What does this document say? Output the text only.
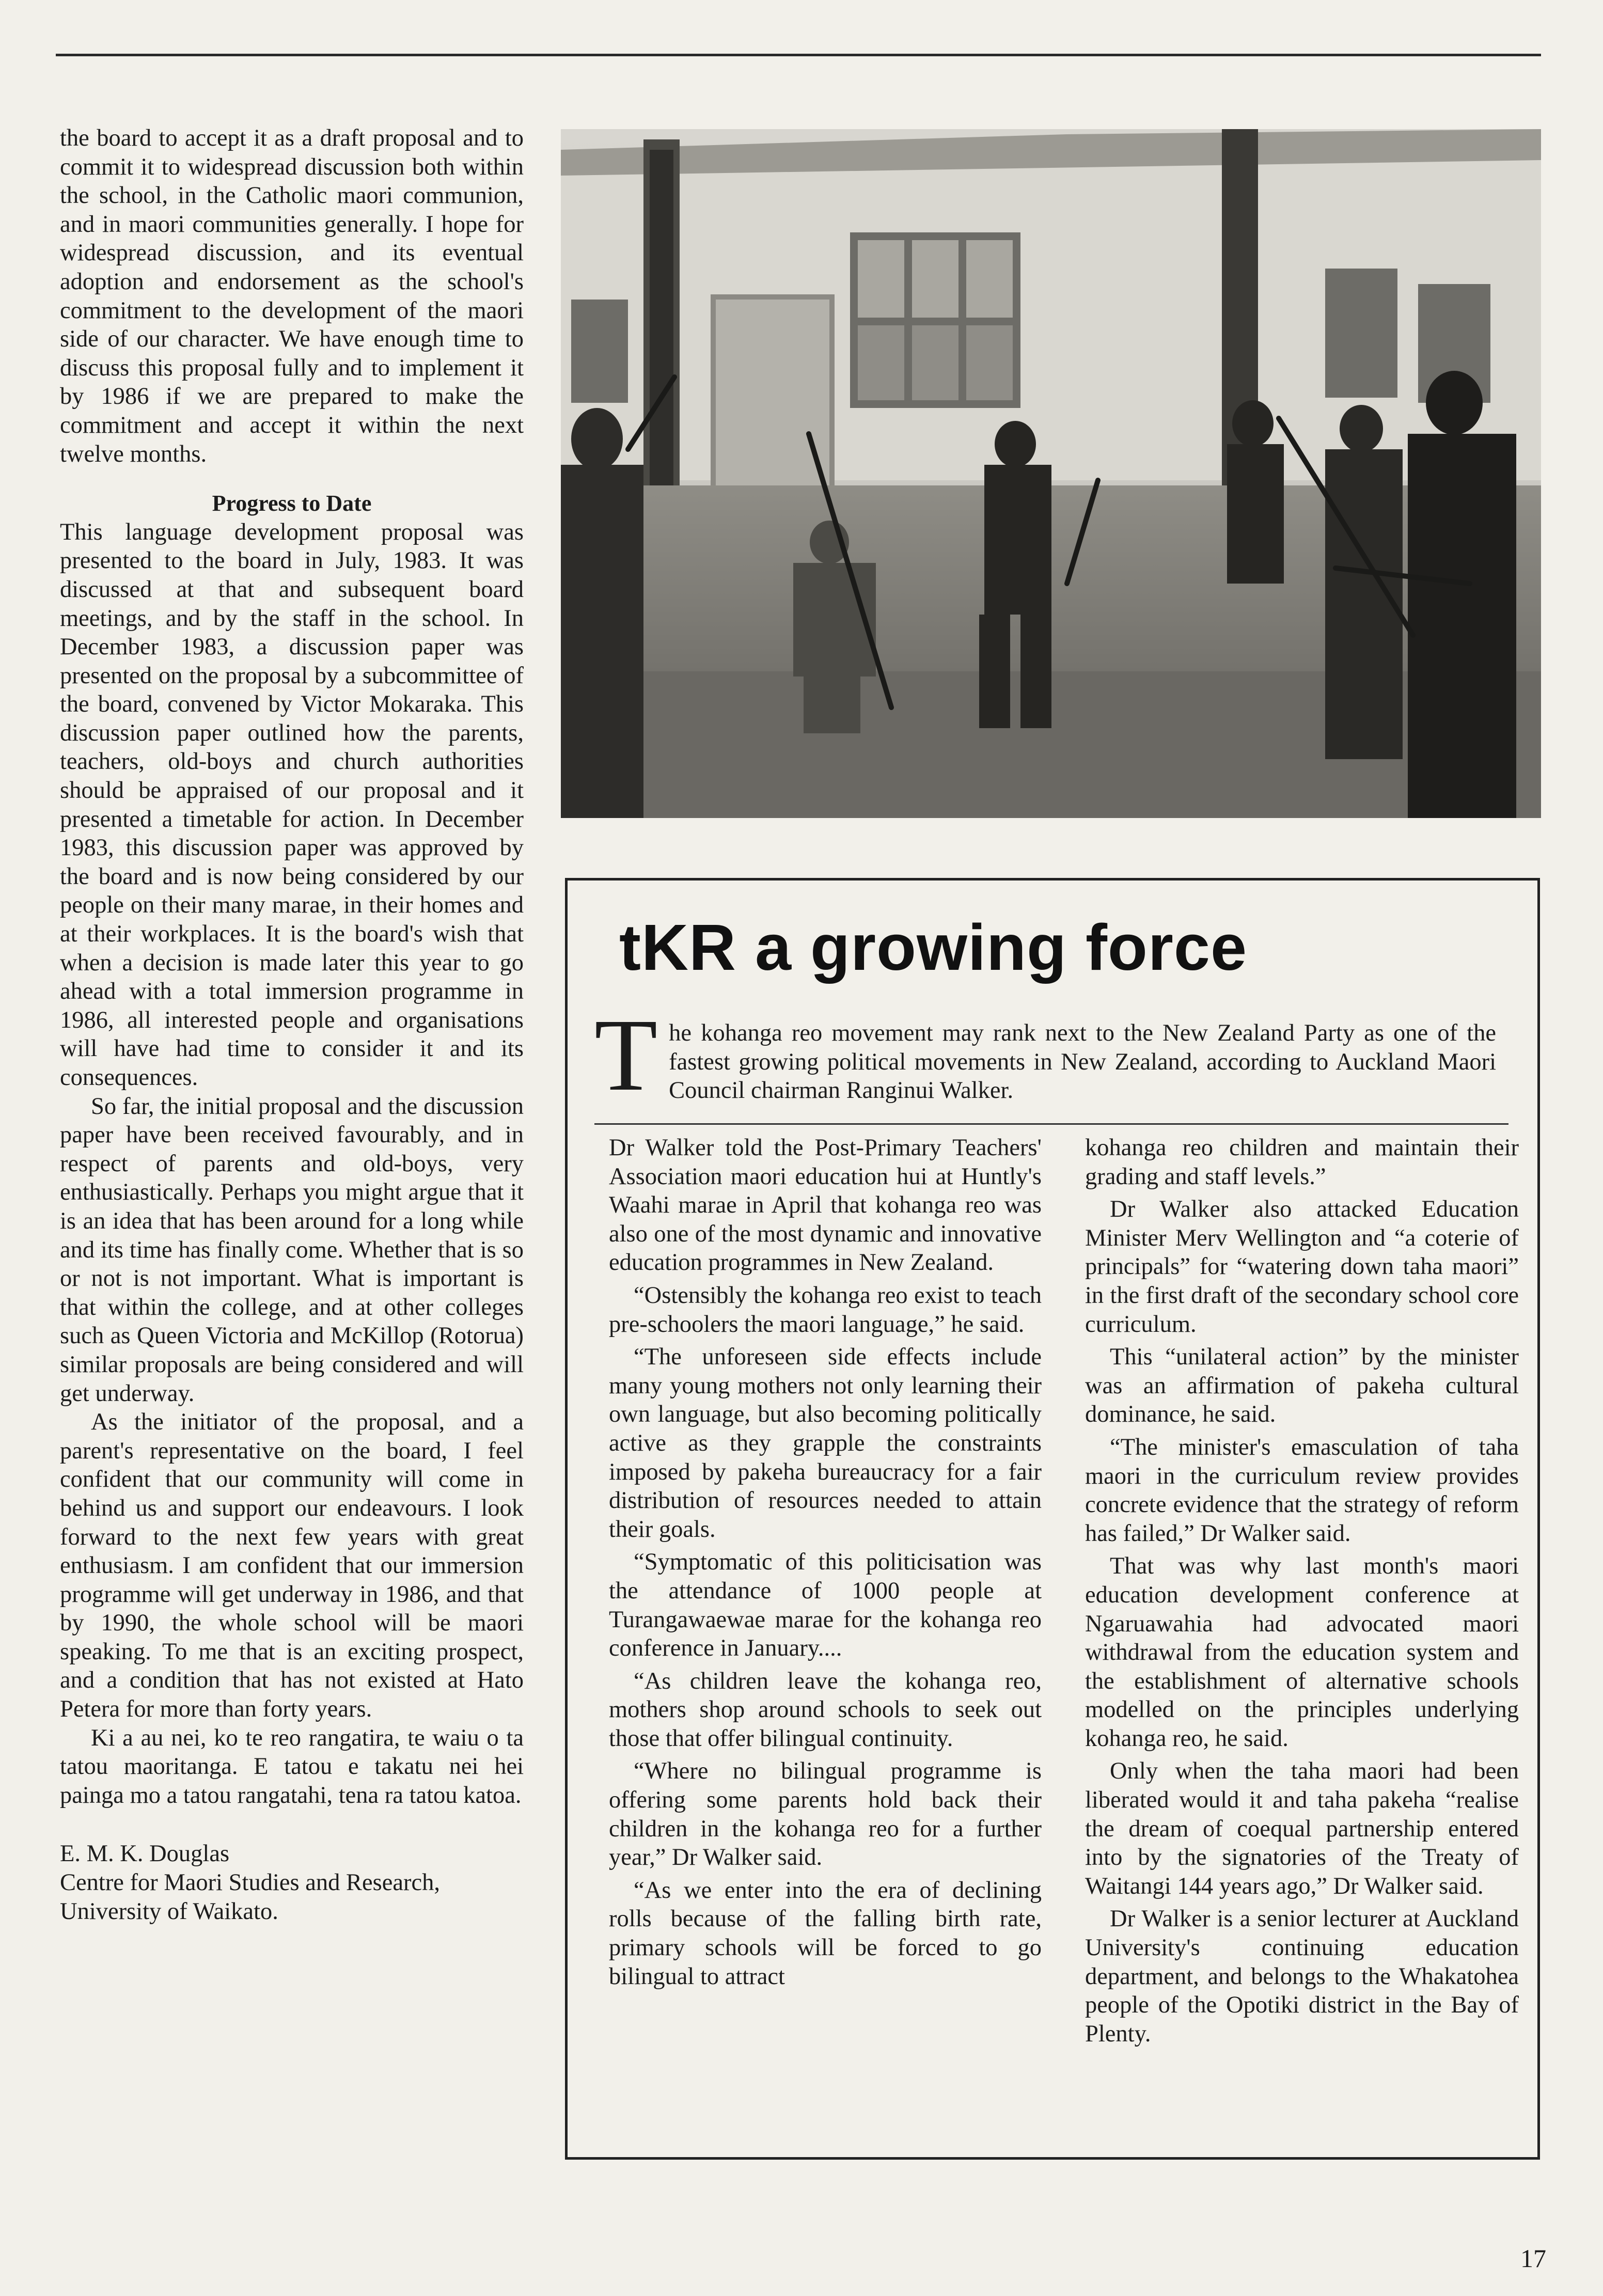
the board to accept it as a draft proposal and to commit it to widespread discussion both within the school, in the Catholic maori communion, and in maori communities generally. I hope for widespread discussion, and its eventual adoption and endorsement as the school's commitment to the development of the maori side of our character. We have enough time to discuss this proposal fully and to implement it by 1986 if we are prepared to make the commitment and accept it within the next twelve months.

Progress to Date

This language development proposal was presented to the board in July, 1983. It was discussed at that and subsequent board meetings, and by the staff in the school. In December 1983, a discussion paper was presented on the proposal by a subcommittee of the board, convened by Victor Mokaraka. This discussion paper outlined how the parents, teachers, old-boys and church authorities should be appraised of our proposal and it presented a timetable for action. In December 1983, this discussion paper was approved by the board and is now being considered by our people on their many marae, in their homes and at their workplaces. It is the board's wish that when a decision is made later this year to go ahead with a total immersion programme in 1986, all interested people and organisations will have had time to consider it and its consequences.

So far, the initial proposal and the discussion paper have been received favourably, and in respect of parents and old-boys, very enthusiastically. Perhaps you might argue that it is an idea that has been around for a long while and its time has finally come. Whether that is so or not is not important. What is important is that within the college, and at other colleges such as Queen Victoria and McKillop (Rotorua) similar proposals are being considered and will get underway.

As the initiator of the proposal, and a parent's representative on the board, I feel confident that our community will come in behind us and support our endeavours. I look forward to the next few years with great enthusiasm. I am confident that our immersion programme will get underway in 1986, and that by 1990, the whole school will be maori speaking. To me that is an exciting prospect, and a condition that has not existed at Hato Petera for more than forty years.

Ki a au nei, ko te reo rangatira, te waiu o ta tatou maoritanga. E tatou e takatu nei hei painga mo a tatou rangatahi, tena ra tatou katoa.

E. M. K. Douglas
Centre for Maori Studies and Research,
University of Waikato.

tKR a growing force
The kohanga reo movement may rank next to the New Zealand Party as one of the fastest growing political movements in New Zealand, according to Auckland Maori Council chairman Ranginui Walker.

Dr Walker told the Post-Primary Teachers' Association maori education hui at Huntly's Waahi marae in April that kohanga reo was also one of the most dynamic and innovative education programmes in New Zealand.

“Ostensibly the kohanga reo exist to teach pre-schoolers the maori language,” he said.

“The unforeseen side effects include many young mothers not only learning their own language, but also becoming politically active as they grapple the constraints imposed by pakeha bureaucracy for a fair distribution of resources needed to attain their goals.

“Symptomatic of this politicisation was the attendance of 1000 people at Turangawaewae marae for the kohanga reo conference in January....

“As children leave the kohanga reo, mothers shop around schools to seek out those that offer bilingual continuity.

“Where no bilingual programme is offering some parents hold back their children in the kohanga reo for a further year,” Dr Walker said.

“As we enter into the era of declining rolls because of the falling birth rate, primary schools will be forced to go bilingual to attract

kohanga reo children and maintain their grading and staff levels.”

Dr Walker also attacked Education Minister Merv Wellington and “a coterie of principals” for “watering down taha maori” in the first draft of the secondary school core curriculum.

This “unilateral action” by the minister was an affirmation of pakeha cultural dominance, he said.

“The minister's emasculation of taha maori in the curriculum review provides concrete evidence that the strategy of reform has failed,” Dr Walker said.

That was why last month's maori education development conference at Ngaruawahia had advocated maori withdrawal from the education system and the establishment of alternative schools modelled on the principles underlying kohanga reo, he said.

Only when the taha maori had been liberated would it and taha pakeha “realise the dream of coequal partnership entered into by the signatories of the Treaty of Waitangi 144 years ago,” Dr Walker said.

Dr Walker is a senior lecturer at Auckland University's continuing education department, and belongs to the Whakatohea people of the Opotiki district in the Bay of Plenty.

17
